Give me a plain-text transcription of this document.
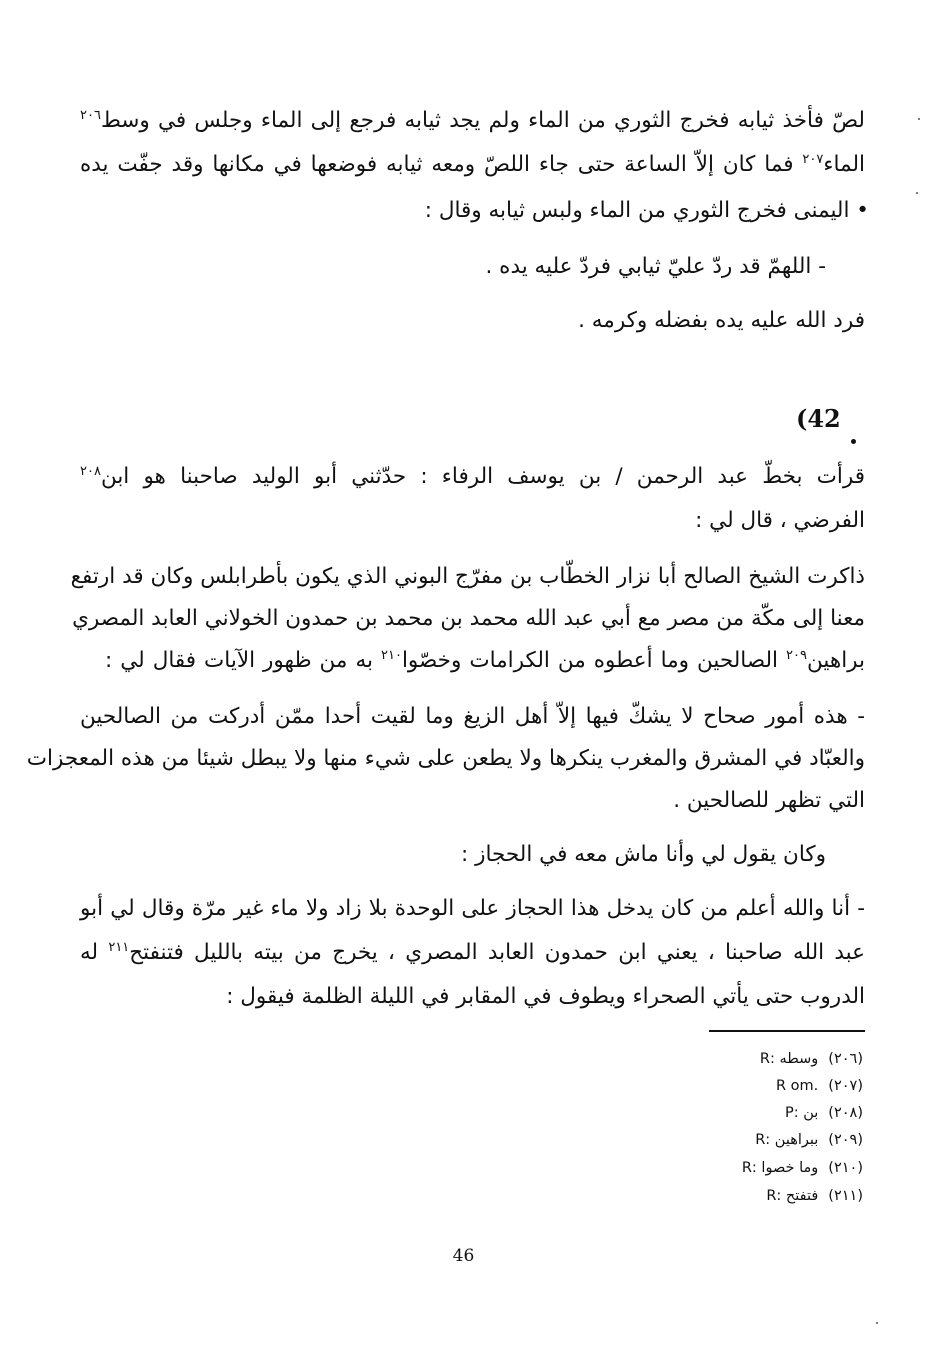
لصّ فأخذ ثيابه فخرج الثوري من الماء ولم يجد ثيابه فرجع إلى الماء وجلس في وسط$^{٢٠٦}$
الماء$^{٢٠٧}$ فما كان إلاّ الساعة حتى جاء اللصّ ومعه ثيابه فوضعها في مكانها وقد جفّت يده
• اليمنى فخرج الثوري من الماء ولبس ثيابه وقال :
- اللهمّ قد ردّ عليّ ثيابي فردّ عليه يده .
فرد الله عليه يده بفضله وكرمه .
(42
قرأت بخطّ عبد الرحمن / بن يوسف الرفاء : حدّثني أبو الوليد صاحبنا هو ابن$^{٢٠٨}$
الفرضي ، قال لي :
ذاكرت الشيخ الصالح أبا نزار الخطّاب بن مفرّج البوني الذي يكون بأطرابلس وكان قد ارتفع
معنا إلى مكّة من مصر مع أبي عبد الله محمد بن محمد بن حمدون الخولاني العابد المصري
براهين$^{٢٠٩}$ الصالحين وما أعطوه من الكرامات وخصّوا$^{٢١٠}$ به من ظهور الآيات فقال لي :
- هذه أمور صحاح لا يشكّ فيها إلاّ أهل الزيغ وما لقيت أحدا ممّن أدركت من الصالحين
والعبّاد في المشرق والمغرب ينكرها ولا يطعن على شيء منها ولا يبطل شيئا من هذه المعجزات
التي تظهر للصالحين .
وكان يقول لي وأنا ماش معه في الحجاز :
- أنا والله أعلم من كان يدخل هذا الحجاز على الوحدة بلا زاد ولا ماء غير مرّة وقال لي أبو
عبد الله صاحبنا ، يعني ابن حمدون العابد المصري ، يخرج من بيته بالليل فتنفتح$^{٢١١}$ له
الدروب حتى يأتي الصحراء ويطوف في المقابر في الليلة الظلمة فيقول :
(٢٠٦)وسطه :R
(٢٠٧)R om.
(٢٠٨)بن :P
(٢٠٩)ببراهين :R
(٢١٠)وما خصوا :R
(٢١١)فتفتح :R
46
